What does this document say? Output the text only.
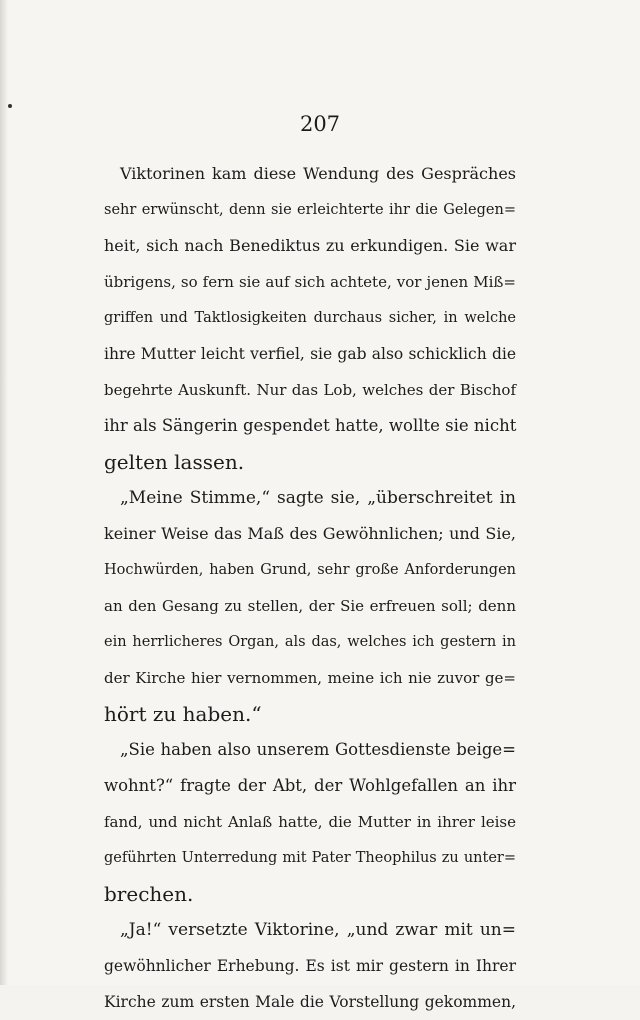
207
Viktorinen kam diese Wendung des Gespräches
sehr erwünscht, denn sie erleichterte ihr die Gelegen=
heit, sich nach Benediktus zu erkundigen. Sie war
übrigens, so fern sie auf sich achtete, vor jenen Miß=
griffen und Taktlosigkeiten durchaus sicher, in welche
ihre Mutter leicht verfiel, sie gab also schicklich die
begehrte Auskunft. Nur das Lob, welches der Bischof
ihr als Sängerin gespendet hatte, wollte sie nicht
gelten lassen.
„Meine Stimme,“ sagte sie, „überschreitet in
keiner Weise das Maß des Gewöhnlichen; und Sie,
Hochwürden, haben Grund, sehr große Anforderungen
an den Gesang zu stellen, der Sie erfreuen soll; denn
ein herrlicheres Organ, als das, welches ich gestern in
der Kirche hier vernommen, meine ich nie zuvor ge=
hört zu haben.“
„Sie haben also unserem Gottesdienste beige=
wohnt?“ fragte der Abt, der Wohlgefallen an ihr
fand, und nicht Anlaß hatte, die Mutter in ihrer leise
geführten Unterredung mit Pater Theophilus zu unter=
brechen.
„Ja!“ versetzte Viktorine, „und zwar mit un=
gewöhnlicher Erhebung. Es ist mir gestern in Ihrer
Kirche zum ersten Male die Vorstellung gekommen,
